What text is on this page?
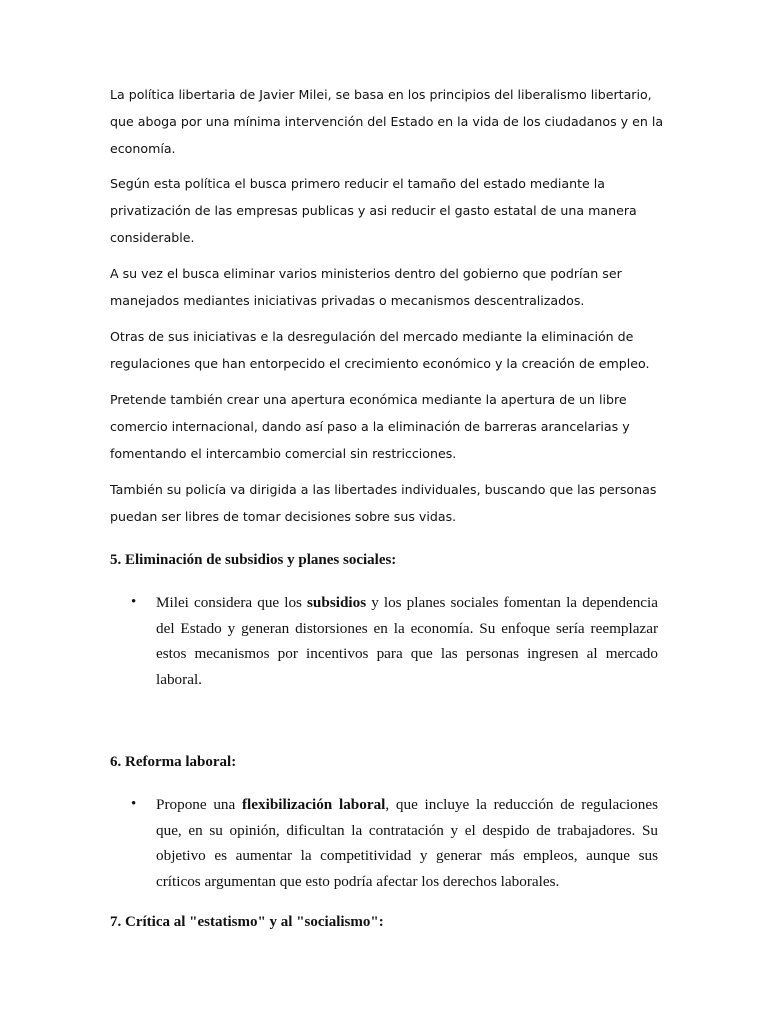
La política libertaria de Javier Milei, se basa en los principios del liberalismo libertario, que aboga por una mínima intervención del Estado en la vida de los ciudadanos y en la economía.

Según esta política el busca primero reducir el tamaño del estado mediante la privatización de las empresas publicas y asi reducir el gasto estatal de una manera considerable.

A su vez el busca eliminar varios ministerios dentro del gobierno que podrían ser manejados mediantes iniciativas privadas o mecanismos descentralizados.

Otras de sus iniciativas e la desregulación del mercado mediante la eliminación de regulaciones que han entorpecido el crecimiento económico y la creación de empleo.

Pretende también crear una apertura económica mediante la apertura de un libre comercio internacional, dando así paso a la eliminación de barreras arancelarias y fomentando el intercambio comercial sin restricciones.

También su policía va dirigida a las libertades individuales, buscando que las personas puedan ser libres de tomar decisiones sobre sus vidas.

5. Eliminación de subsidios y planes sociales:
• Milei considera que los subsidios y los planes sociales fomentan la dependencia del Estado y generan distorsiones en la economía. Su enfoque sería reemplazar estos mecanismos por incentivos para que las personas ingresen al mercado laboral.

6. Reforma laboral:
• Propone una flexibilización laboral, que incluye la reducción de regulaciones que, en su opinión, dificultan la contratación y el despido de trabajadores. Su objetivo es aumentar la competitividad y generar más empleos, aunque sus críticos argumentan que esto podría afectar los derechos laborales.

7. Crítica al "estatismo" y al "socialismo":
